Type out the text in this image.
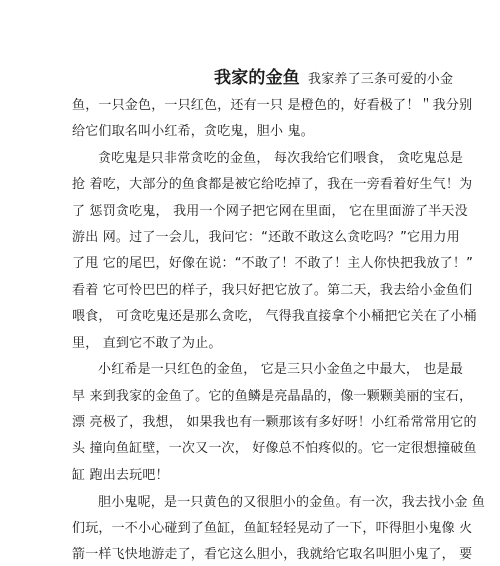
我家的金鱼 我家养了三条可爱的小金
鱼，一只金色，一只红色，还有一只 是橙色的，好看极了！＂我分别
给它们取名叫小红希，贪吃鬼，胆小 鬼。
贪吃鬼是只非常贪吃的金鱼， 每次我给它们喂食， 贪吃鬼总是
抢 着吃，大部分的鱼食都是被它给吃掉了，我在一旁看着好生气！为
了 惩罚贪吃鬼， 我用一个网子把它网在里面， 它在里面游了半天没
游出 网。过了一会儿，我问它：“还敢不敢这么贪吃吗？”它用力用
了甩 它的尾巴，好像在说：“不敢了！不敢了！主人你快把我放了！”
看着 它可怜巴巴的样子，我只好把它放了。第二天，我去给小金鱼们
喂食， 可贪吃鬼还是那么贪吃， 气得我直接拿个小桶把它关在了小桶
里， 直到它不敢了为止。
小红希是一只红色的金鱼， 它是三只小金鱼之中最大， 也是最
早 来到我家的金鱼了。它的鱼鳞是亮晶晶的，像一颗颗美丽的宝石，
漂 亮极了，我想， 如果我也有一颗那该有多好呀！小红希常常用它的
头 撞向鱼缸壁，一次又一次， 好像总不怕疼似的。它一定很想撞破鱼
缸 跑出去玩吧！
胆小鬼呢，是一只黄色的又很胆小的金鱼。有一次，我去找小金 鱼
们玩，一不小心碰到了鱼缸，鱼缸轻轻晃动了一下，吓得胆小鬼像 火
箭一样飞快地游走了，看它这么胆小，我就给它取名叫胆小鬼了， 要
